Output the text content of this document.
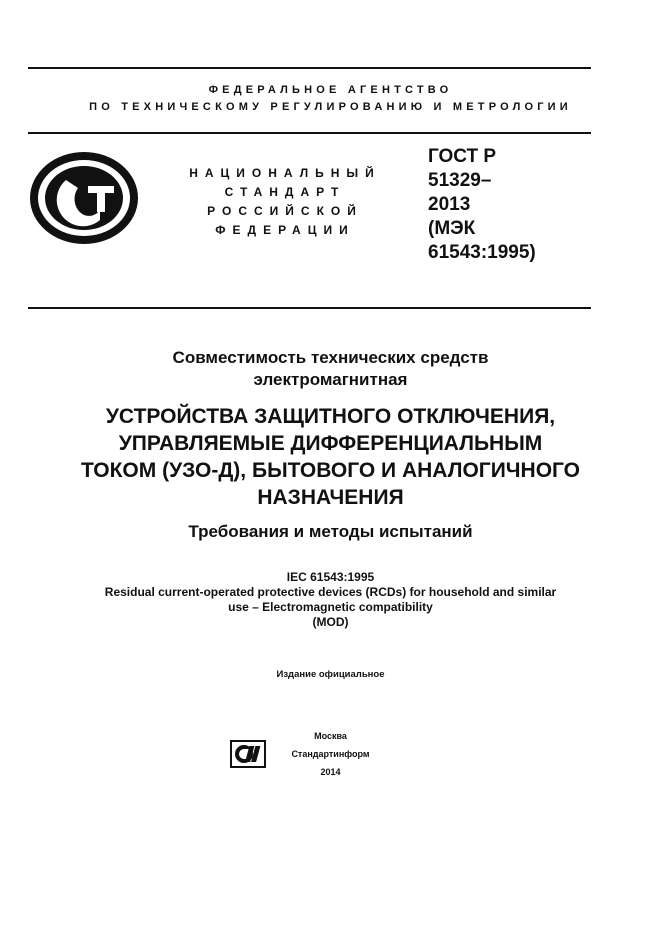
ФЕДЕРАЛЬНОЕ АГЕНТСТВО
ПО ТЕХНИЧЕСКОМУ РЕГУЛИРОВАНИЮ И МЕТРОЛОГИИ
НАЦИОНАЛЬНЫЙ
СТАНДАРТ
РОССИЙСКОЙ
ФЕДЕРАЦИИ
ГОСТ Р
51329–
2013
(МЭК
61543:1995)
Совместимость технических средств
электромагнитная
УСТРОЙСТВА ЗАЩИТНОГО ОТКЛЮЧЕНИЯ,
УПРАВЛЯЕМЫЕ ДИФФЕРЕНЦИАЛЬНЫМ
ТОКОМ (УЗО-Д), БЫТОВОГО И АНАЛОГИЧНОГО
НАЗНАЧЕНИЯ
Требования и методы испытаний
IEC 61543:1995
Residual current-operated protective devices (RCDs) for household and similar
use – Electromagnetic compatibility
(MOD)
Издание официальное
Москва
Стандартинформ
2014
